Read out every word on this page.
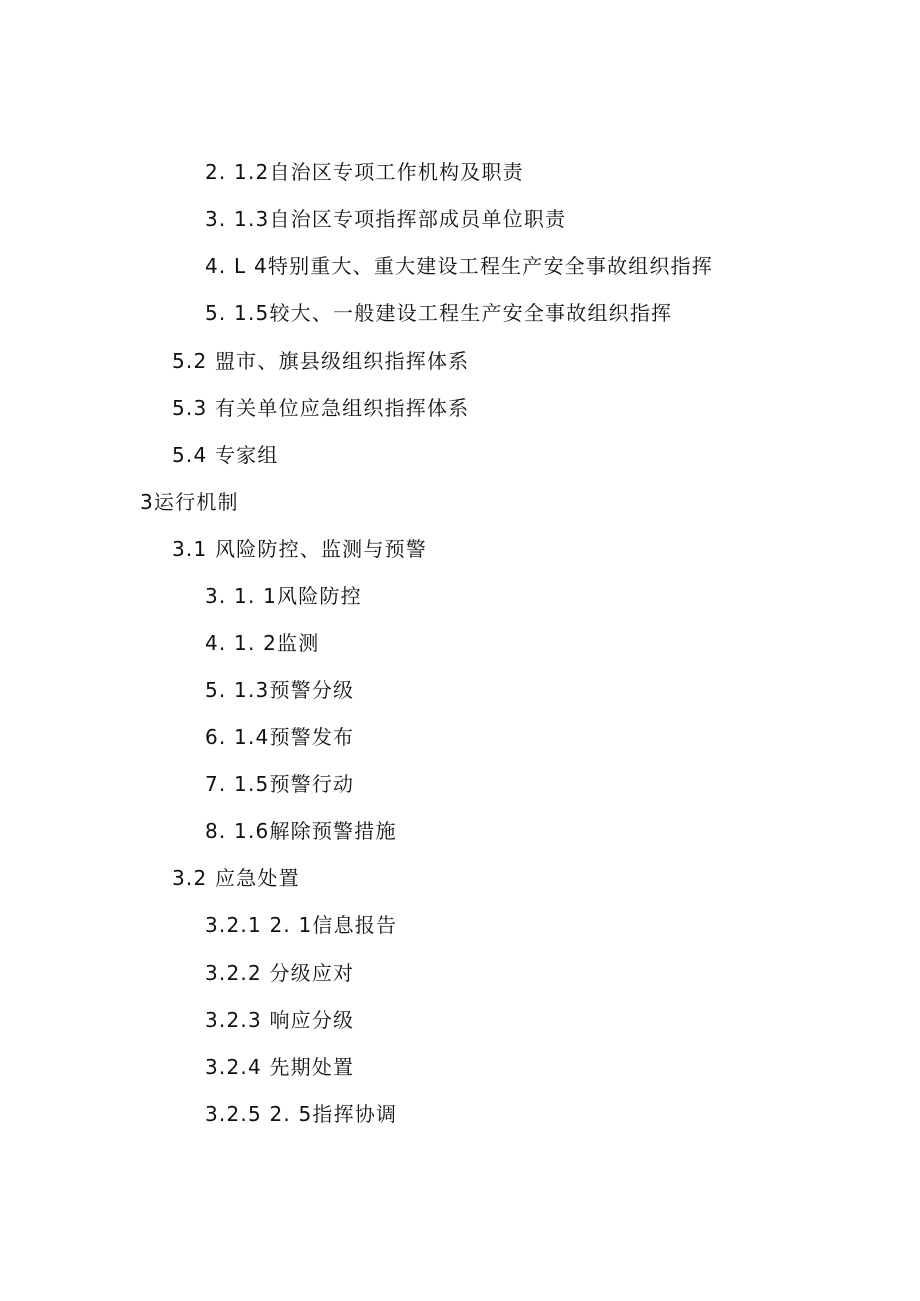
2. 1.2自治区专项工作机构及职责
3. 1.3自治区专项指挥部成员单位职责
4. L 4特别重大、重大建设工程生产安全事故组织指挥
5. 1.5较大、一般建设工程生产安全事故组织指挥
5.2 盟市、旗县级组织指挥体系
5.3 有关单位应急组织指挥体系
5.4 专家组
3运行机制
3.1 风险防控、监测与预警
3. 1. 1风险防控
4. 1. 2监测
5. 1.3预警分级
6. 1.4预警发布
7. 1.5预警行动
8. 1.6解除预警措施
3.2 应急处置
3.2.1 2. 1信息报告
3.2.2 分级应对
3.2.3 响应分级
3.2.4 先期处置
3.2.5 2. 5指挥协调
